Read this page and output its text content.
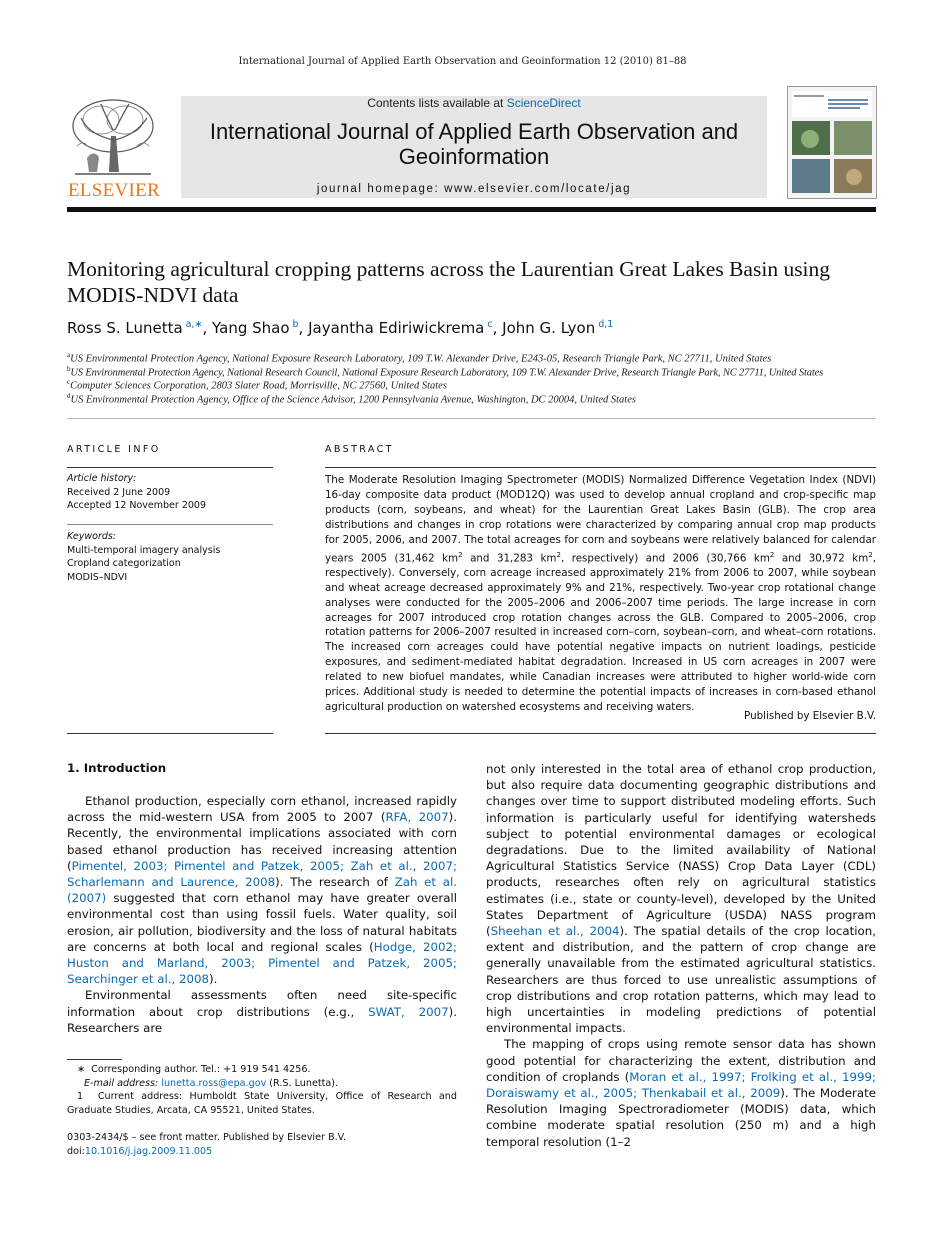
International Journal of Applied Earth Observation and Geoinformation 12 (2010) 81–88
ELSEVIER
Contents lists available at ScienceDirect
International Journal of Applied Earth Observation and Geoinformation
journal homepage: www.elsevier.com/locate/jag
Monitoring agricultural cropping patterns across the Laurentian Great Lakes Basin using MODIS-NDVI data
Ross S. Lunetta  $^{a,∗}$, Yang Shao  $^b$, Jayantha Ediriwickrema  $^c$, John G. Lyon  $^{d,1}$
$^a$US Environmental Protection Agency, National Exposure Research Laboratory, 109 T.W. Alexander Drive, E243-05, Research Triangle Park, NC 27711, United States
$^b$US Environmental Protection Agency, National Research Council, National Exposure Research Laboratory, 109 T.W. Alexander Drive, Research Triangle Park, NC 27711, United States
$^c$Computer Sciences Corporation, 2803 Slater Road, Morrisville, NC 27560, United States
$^d$US Environmental Protection Agency, Office of the Science Advisor, 1200 Pennsylvania Avenue, Washington, DC 20004, United States
ARTICLE INFO
Article history:
Received 2 June 2009
Accepted 12 November 2009
Keywords:
Multi-temporal imagery analysis
Cropland categorization
MODIS–NDVI
ABSTRACT
The Moderate Resolution Imaging Spectrometer (MODIS) Normalized Difference Vegetation Index (NDVI) 16-day composite data product (MOD12Q) was used to develop annual cropland and crop-specific map products (corn, soybeans, and wheat) for the Laurentian Great Lakes Basin (GLB). The crop area distributions and changes in crop rotations were characterized by comparing annual crop map products for 2005, 2006, and 2007. The total acreages for corn and soybeans were relatively balanced for calendar years 2005 (31,462 $km^2$ and 31,283 $km^2$, respectively) and 2006 (30,766 $km^2$ and 30,972 $km^2$, respectively). Conversely, corn acreage increased approximately 21% from 2006 to 2007, while soybean and wheat acreage decreased approximately 9% and 21%, respectively. Two-year crop rotational change analyses were conducted for the 2005–2006 and 2006–2007 time periods. The large increase in corn acreages for 2007 introduced crop rotation changes across the GLB. Compared to 2005–2006, crop rotation patterns for 2006–2007 resulted in increased corn–corn, soybean–corn, and wheat–corn rotations. The increased corn acreages could have potential negative impacts on nutrient loadings, pesticide exposures, and sediment-mediated habitat degradation. Increased in US corn acreages in 2007 were related to new biofuel mandates, while Canadian increases were attributed to higher world-wide corn prices. Additional study is needed to determine the potential impacts of increases in corn-based ethanol agricultural production on watershed ecosystems and receiving waters.
Published by Elsevier B.V.
1. Introduction

Ethanol production, especially corn ethanol, increased rapidly across the mid-western USA from 2005 to 2007 (RFA, 2007). Recently, the environmental implications associated with corn based ethanol production has received increasing attention (Pimentel, 2003; Pimentel and Patzek, 2005; Zah et al., 2007; Scharlemann and Laurence, 2008). The research of Zah et al. (2007) suggested that corn ethanol may have greater overall environmental cost than using fossil fuels. Water quality, soil erosion, air pollution, biodiversity and the loss of natural habitats are concerns at both local and regional scales (Hodge, 2002; Huston and Marland, 2003; Pimentel and Patzek, 2005; Searchinger et al., 2008).

Environmental assessments often need site-specific information about crop distributions (e.g., SWAT, 2007). Researchers are

not only interested in the total area of ethanol crop production, but also require data documenting geographic distributions and changes over time to support distributed modeling efforts. Such information is particularly useful for identifying watersheds subject to potential environmental damages or ecological degradations. Due to the limited availability of National Agricultural Statistics Service (NASS) Crop Data Layer (CDL) products, researches often rely on agricultural statistics estimates (i.e., state or county-level), developed by the United States Department of Agriculture (USDA) NASS program (Sheehan et al., 2004). The spatial details of the crop location, extent and distribution, and the pattern of crop change are generally unavailable from the estimated agricultural statistics. Researchers are thus forced to use unrealistic assumptions of crop distributions and crop rotation patterns, which may lead to high uncertainties in modeling predictions of potential environmental impacts.

The mapping of crops using remote sensor data has shown good potential for characterizing the extent, distribution and condition of croplands (Moran et al., 1997; Frolking et al., 1999; Doraiswamy et al., 2005; Thenkabail et al., 2009). The Moderate Resolution Imaging Spectroradiometer (MODIS) data, which combine moderate spatial resolution (250 m) and a high temporal resolution (1–2

∗ Corresponding author. Tel.: +1 919 541 4256.
E-mail address: lunetta.ross@epa.gov (R.S. Lunetta).
1 Current address: Humboldt State University, Office of Research and Graduate Studies, Arcata, CA 95521, United States.
0303-2434/$ – see front matter. Published by Elsevier B.V.
doi:10.1016/j.jag.2009.11.005
